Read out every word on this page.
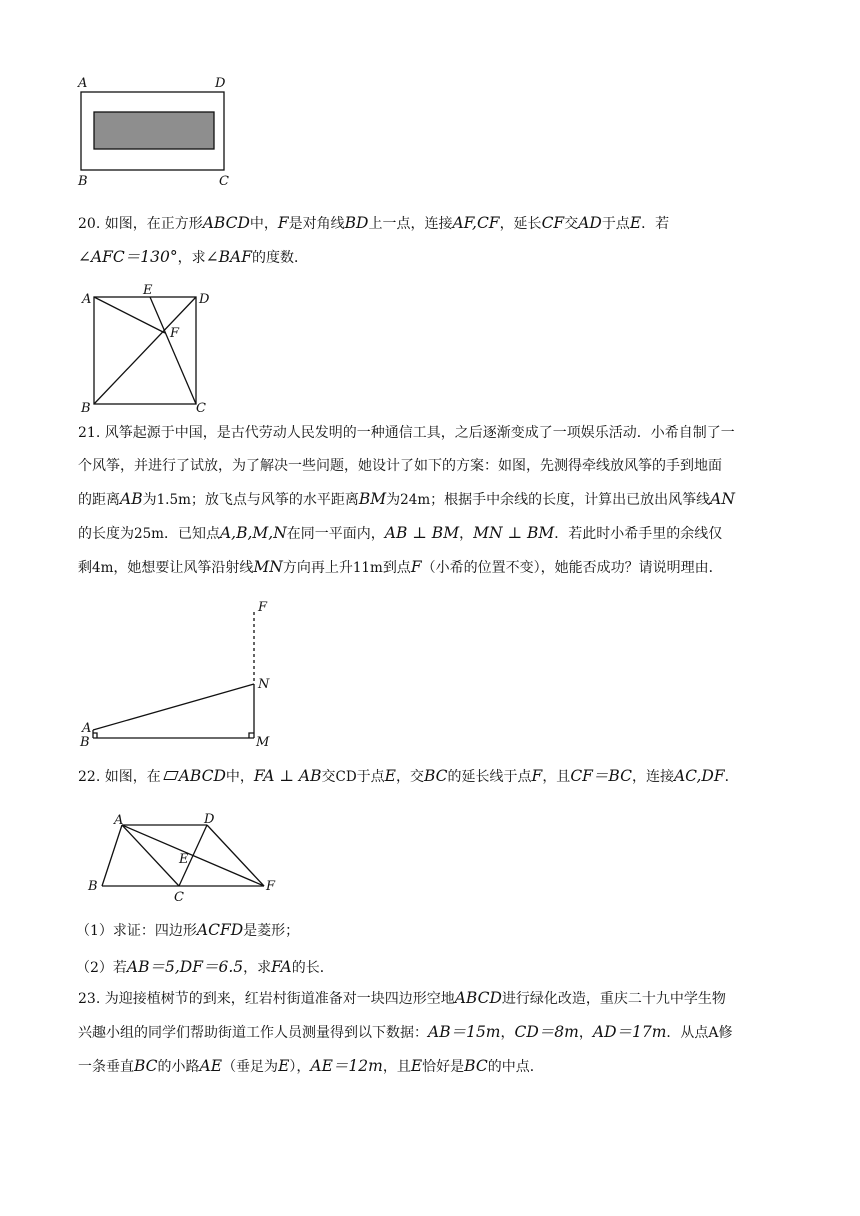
A	D
B	C
20. 如图，在正方形ABCD中，F是对角线BD上一点，连接AF,CF，延长CF交AD于点E．若
∠AFC＝130°，求∠BAF的度数．
A
E
D
F
B	C
21. 风筝起源于中国，是古代劳动人民发明的一种通信工具，之后逐渐变成了一项娱乐活动．小希自制了一
个风筝，并进行了试放，为了解决一些问题，她设计了如下的方案：如图，先测得牵线放风筝的手到地面
的距离AB为1.5m；放飞点与风筝的水平距离BM为24m；根据手中余线的长度，计算出已放出风筝线AN
的长度为25m．已知点A,B,M,N在同一平面内，AB ⊥ BM，MN ⊥ BM．若此时小希手里的余线仅
剩4m，她想要让风筝沿射线MN方向再上升11m到点F（小希的位置不变），她能否成功？请说明理由．
F
N
A
B	M
22. 如图，在 ABCD中，FA ⊥ AB交CD于点E，交BC的延长线于点F，且CF＝BC，连接AC,DF．
A	D
E
B
C
F
（1）求证：四边形ACFD是菱形；
（2）若AB＝5,DF＝6.5，求FA的长．
23. 为迎接植树节的到来，红岩村街道准备对一块四边形空地ABCD进行绿化改造，重庆二十九中学生物
兴趣小组的同学们帮助街道工作人员测量得到以下数据：AB＝15m，CD＝8m，AD＝17m．从点A修
一条垂直BC的小路AE（垂足为E），AE＝12m，且E恰好是BC的中点．
